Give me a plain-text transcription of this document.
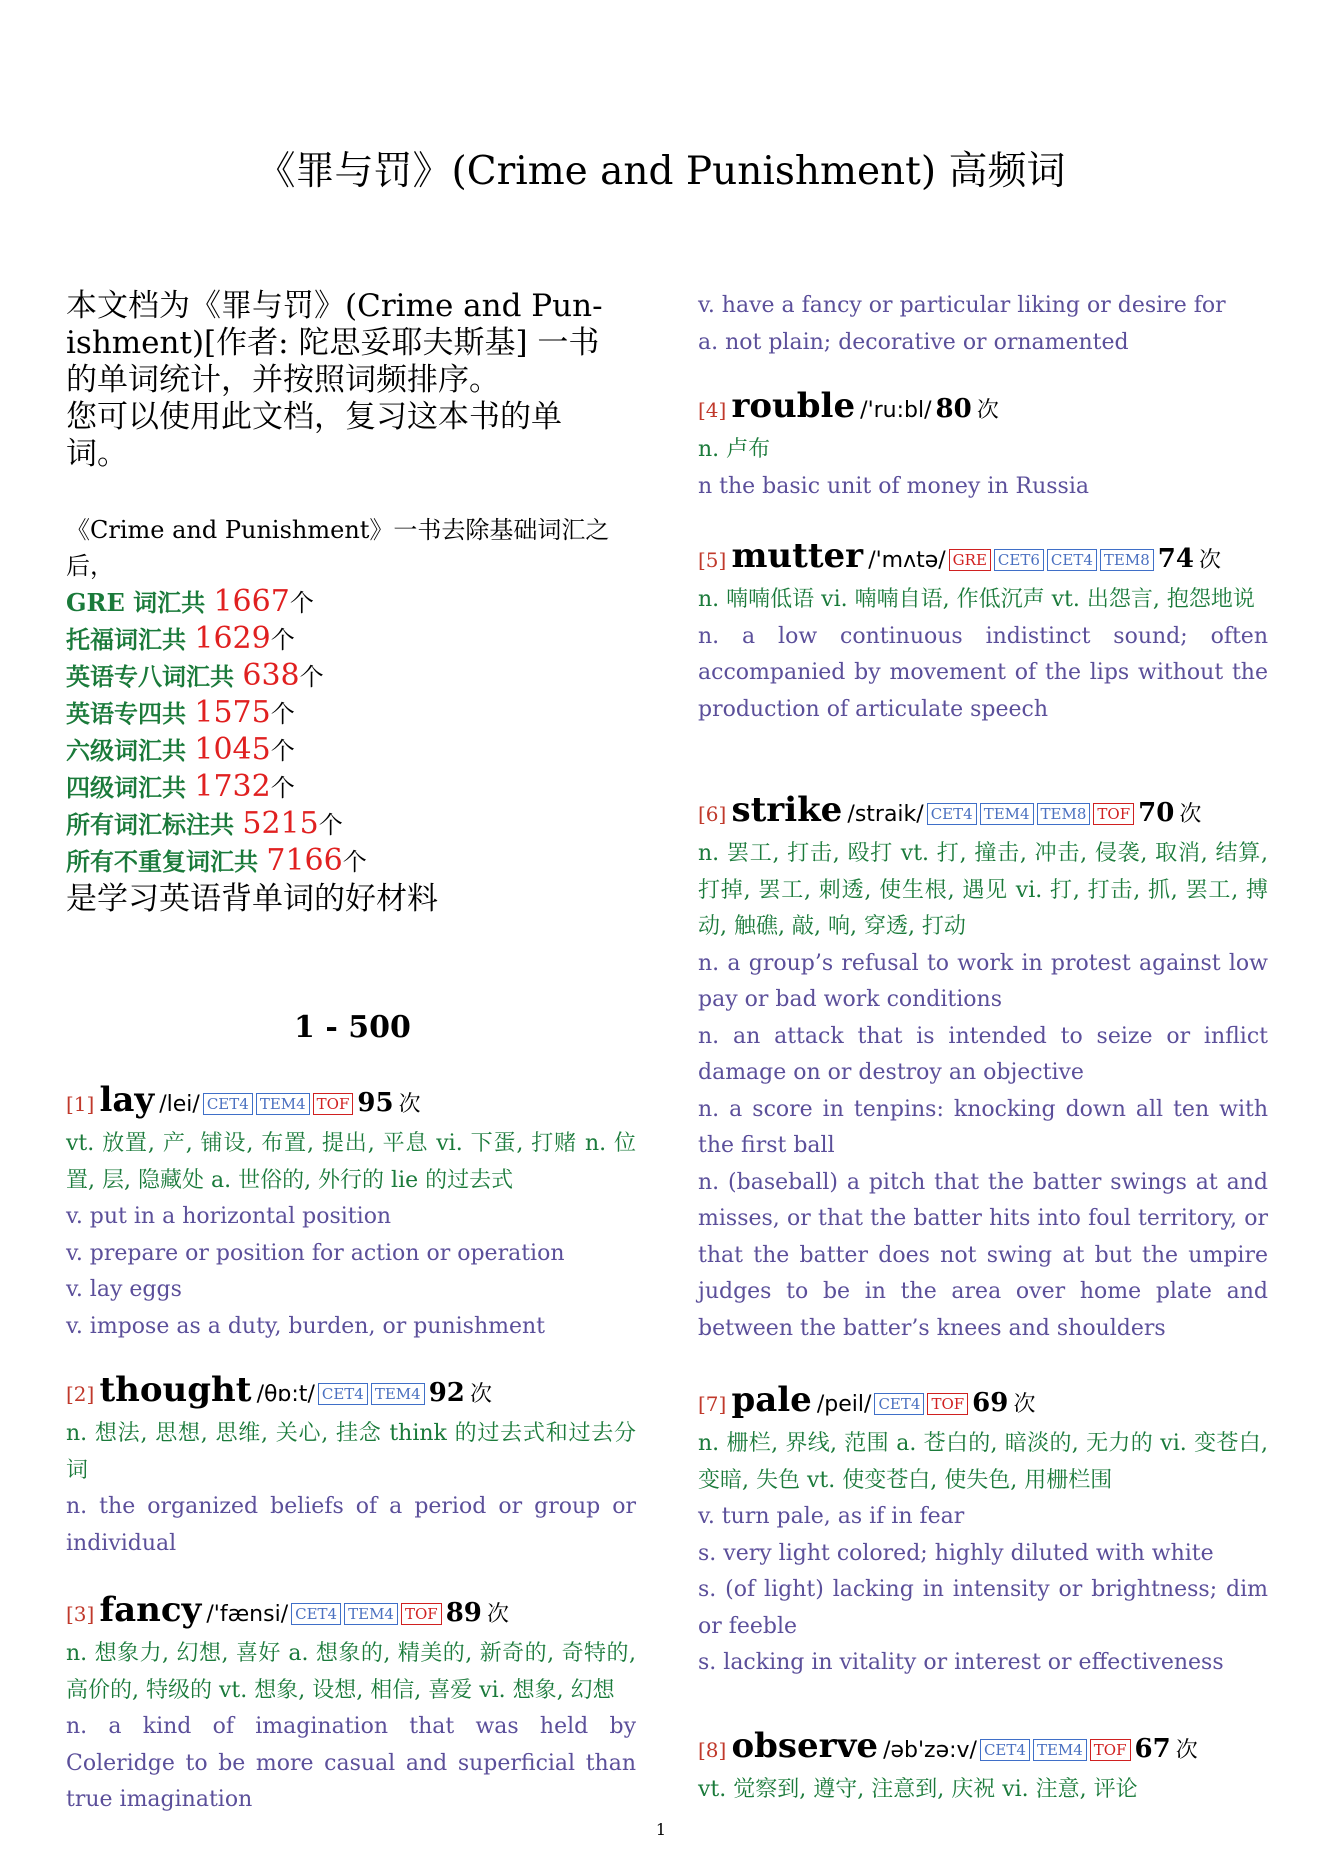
《罪与罚》(Crime and Punishment) 高频词
本文档为《罪与罚》(Crime and Pun-
ishment)[作者: 陀思妥耶夫斯基] 一书
的单词统计，并按照词频排序。
您可以使用此文档，复习这本书的单
词。
《Crime and Punishment》一书去除基础词汇之
后，
GRE 词汇共 1667个
托福词汇共 1629个
英语专八词汇共 638个
英语专四共 1575个
六级词汇共 1045个
四级词汇共 1732个
所有词汇标注共 5215个
所有不重复词汇共 7166个
是学习英语背单词的好材料
1 - 500
[1] lay /lei/ CET4 TEM4 TOF 95 次

vt. 放置, 产, 铺设, 布置, 提出, 平息 vi. 下蛋, 打赌 n. 位置, 层, 隐藏处 a. 世俗的, 外行的 lie 的过去式

v. put in a horizontal position

v. prepare or position for action or operation

v. lay eggs

v. impose as a duty, burden, or punishment

[2] thought /θɒ:t/ CET4 TEM4 92 次

n. 想法, 思想, 思维, 关心, 挂念 think 的过去式和过去分词

n. the organized beliefs of a period or group or individual

[3] fancy /'fænsi/ CET4 TEM4 TOF 89 次

n. 想象力, 幻想, 喜好 a. 想象的, 精美的, 新奇的, 奇特的, 高价的, 特级的 vt. 想象, 设想, 相信, 喜爱 vi. 想象, 幻想

n. a kind of imagination that was held by Coleridge to be more casual and superficial than true imagination

v. have a fancy or particular liking or desire for

a. not plain; decorative or ornamented

[4] rouble /'ru:bl/ 80 次

n. 卢布

n the basic unit of money in Russia

[5] mutter /'mʌtə/ GRE CET6 CET4 TEM8 74 次

n. 喃喃低语 vi. 喃喃自语, 作低沉声 vt. 出怨言, 抱怨地说

n. a low continuous indistinct sound; often accompanied by movement of the lips without the production of articulate speech

[6] strike /straik/ CET4 TEM4 TEM8 TOF 70 次

n. 罢工, 打击, 殴打 vt. 打, 撞击, 冲击, 侵袭, 取消, 结算, 打掉, 罢工, 刺透, 使生根, 遇见 vi. 打, 打击, 抓, 罢工, 搏动, 触礁, 敲, 响, 穿透, 打动

n. a group’s refusal to work in protest against low pay or bad work conditions

n. an attack that is intended to seize or inflict damage on or destroy an objective

n. a score in tenpins: knocking down all ten with the first ball

n. (baseball) a pitch that the batter swings at and misses, or that the batter hits into foul territory, or that the batter does not swing at but the umpire judges to be in the area over home plate and between the batter’s knees and shoulders

[7] pale /peil/ CET4 TOF 69 次

n. 栅栏, 界线, 范围 a. 苍白的, 暗淡的, 无力的 vi. 变苍白, 变暗, 失色 vt. 使变苍白, 使失色, 用栅栏围

v. turn pale, as if in fear

s. very light colored; highly diluted with white

s. (of light) lacking in intensity or brightness; dim or feeble

s. lacking in vitality or interest or effectiveness

[8] observe /əb'zə:v/ CET4 TEM4 TOF 67 次

vt. 觉察到, 遵守, 注意到, 庆祝 vi. 注意, 评论

1
